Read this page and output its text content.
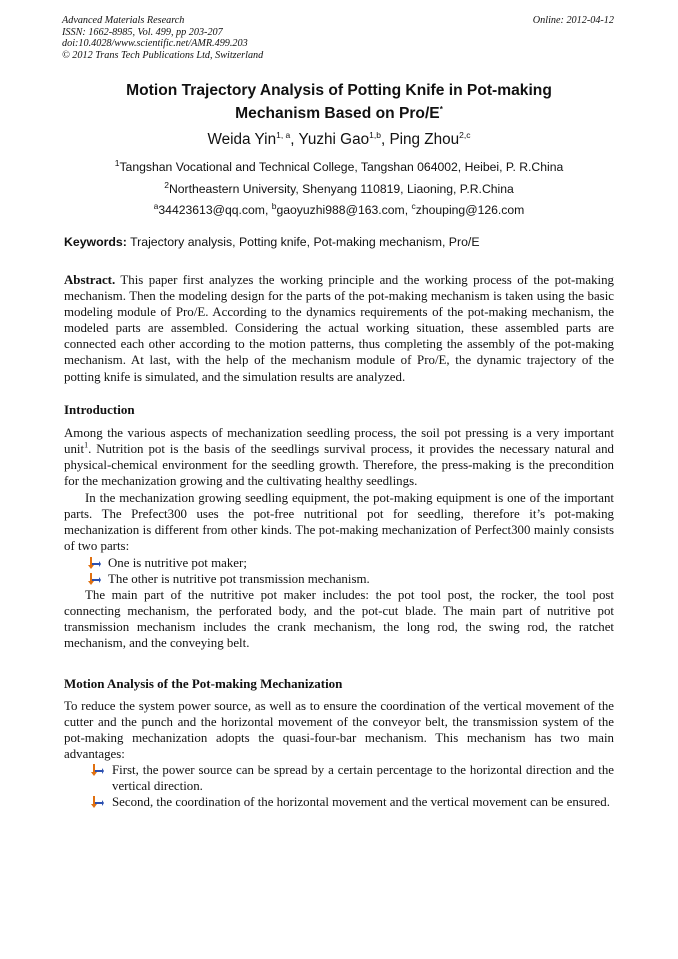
Advanced Materials Research
ISSN: 1662-8985, Vol. 499, pp 203-207
doi:10.4028/www.scientific.net/AMR.499.203
© 2012 Trans Tech Publications Ltd, Switzerland
Online: 2012-04-12
Motion Trajectory Analysis of Potting Knife in Pot-making
Mechanism Based on Pro/E*
Weida Yin$^{1, a}$, Yuzhi Gao$^{1,b}$, Ping Zhou$^{2,c}$
$^1$Tangshan Vocational and Technical College, Tangshan 064002, Heibei, P. R.China
$^2$Northeastern University, Shenyang 110819, Liaoning, P.R.China
$^a$34423613@qq.com, $^b$gaoyuzhi988@163.com, $^c$zhouping@126.com
Keywords: Trajectory analysis, Potting knife, Pot-making mechanism, Pro/E
Abstract. This paper first analyzes the working principle and the working process of the pot-making mechanism. Then the modeling design for the parts of the pot-making mechanism is taken using the basic modeling module of Pro/E. According to the dynamics requirements of the pot-making mechanism, the modeled parts are assembled. Considering the actual working situation, these assembled parts are connected each other according to the motion patterns, thus completing the assembly of the pot-making mechanism. At last, with the help of the mechanism module of Pro/E, the dynamic trajectory of the potting knife is simulated, and the simulation results are analyzed.
Introduction
Among the various aspects of mechanization seedling process, the soil pot pressing is a very important unit$^1$. Nutrition pot is the basis of the seedlings survival process, it provides the necessary natural and physical-chemical environment for the seedling growth. Therefore, the press-making is the precondition for the mechanization growing and the cultivating healthy seedlings.
In the mechanization growing seedling equipment, the pot-making equipment is one of the important parts. The Prefect300 uses the pot-free nutritional pot for seedling, therefore it’s pot-making mechanization is different from other kinds. The pot-making mechanization of Perfect300 mainly consists of two parts:
One is nutritive pot maker;
The other is nutritive pot transmission mechanism.
The main part of the nutritive pot maker includes: the pot tool post, the rocker, the tool post connecting mechanism, the perforated body, and the pot-cut blade. The main part of nutritive pot transmission mechanism includes the crank mechanism, the long rod, the swing rod, the ratchet mechanism, and the conveying belt.
Motion Analysis of the Pot-making Mechanization
To reduce the system power source, as well as to ensure the coordination of the vertical movement of the cutter and the punch and the horizontal movement of the conveyor belt, the transmission system of the pot-making mechanization adopts the quasi-four-bar mechanism. This mechanism has two main advantages:
First, the power source can be spread by a certain percentage to the horizontal direction and the vertical direction.
Second, the coordination of the horizontal movement and the vertical movement can be ensured.
